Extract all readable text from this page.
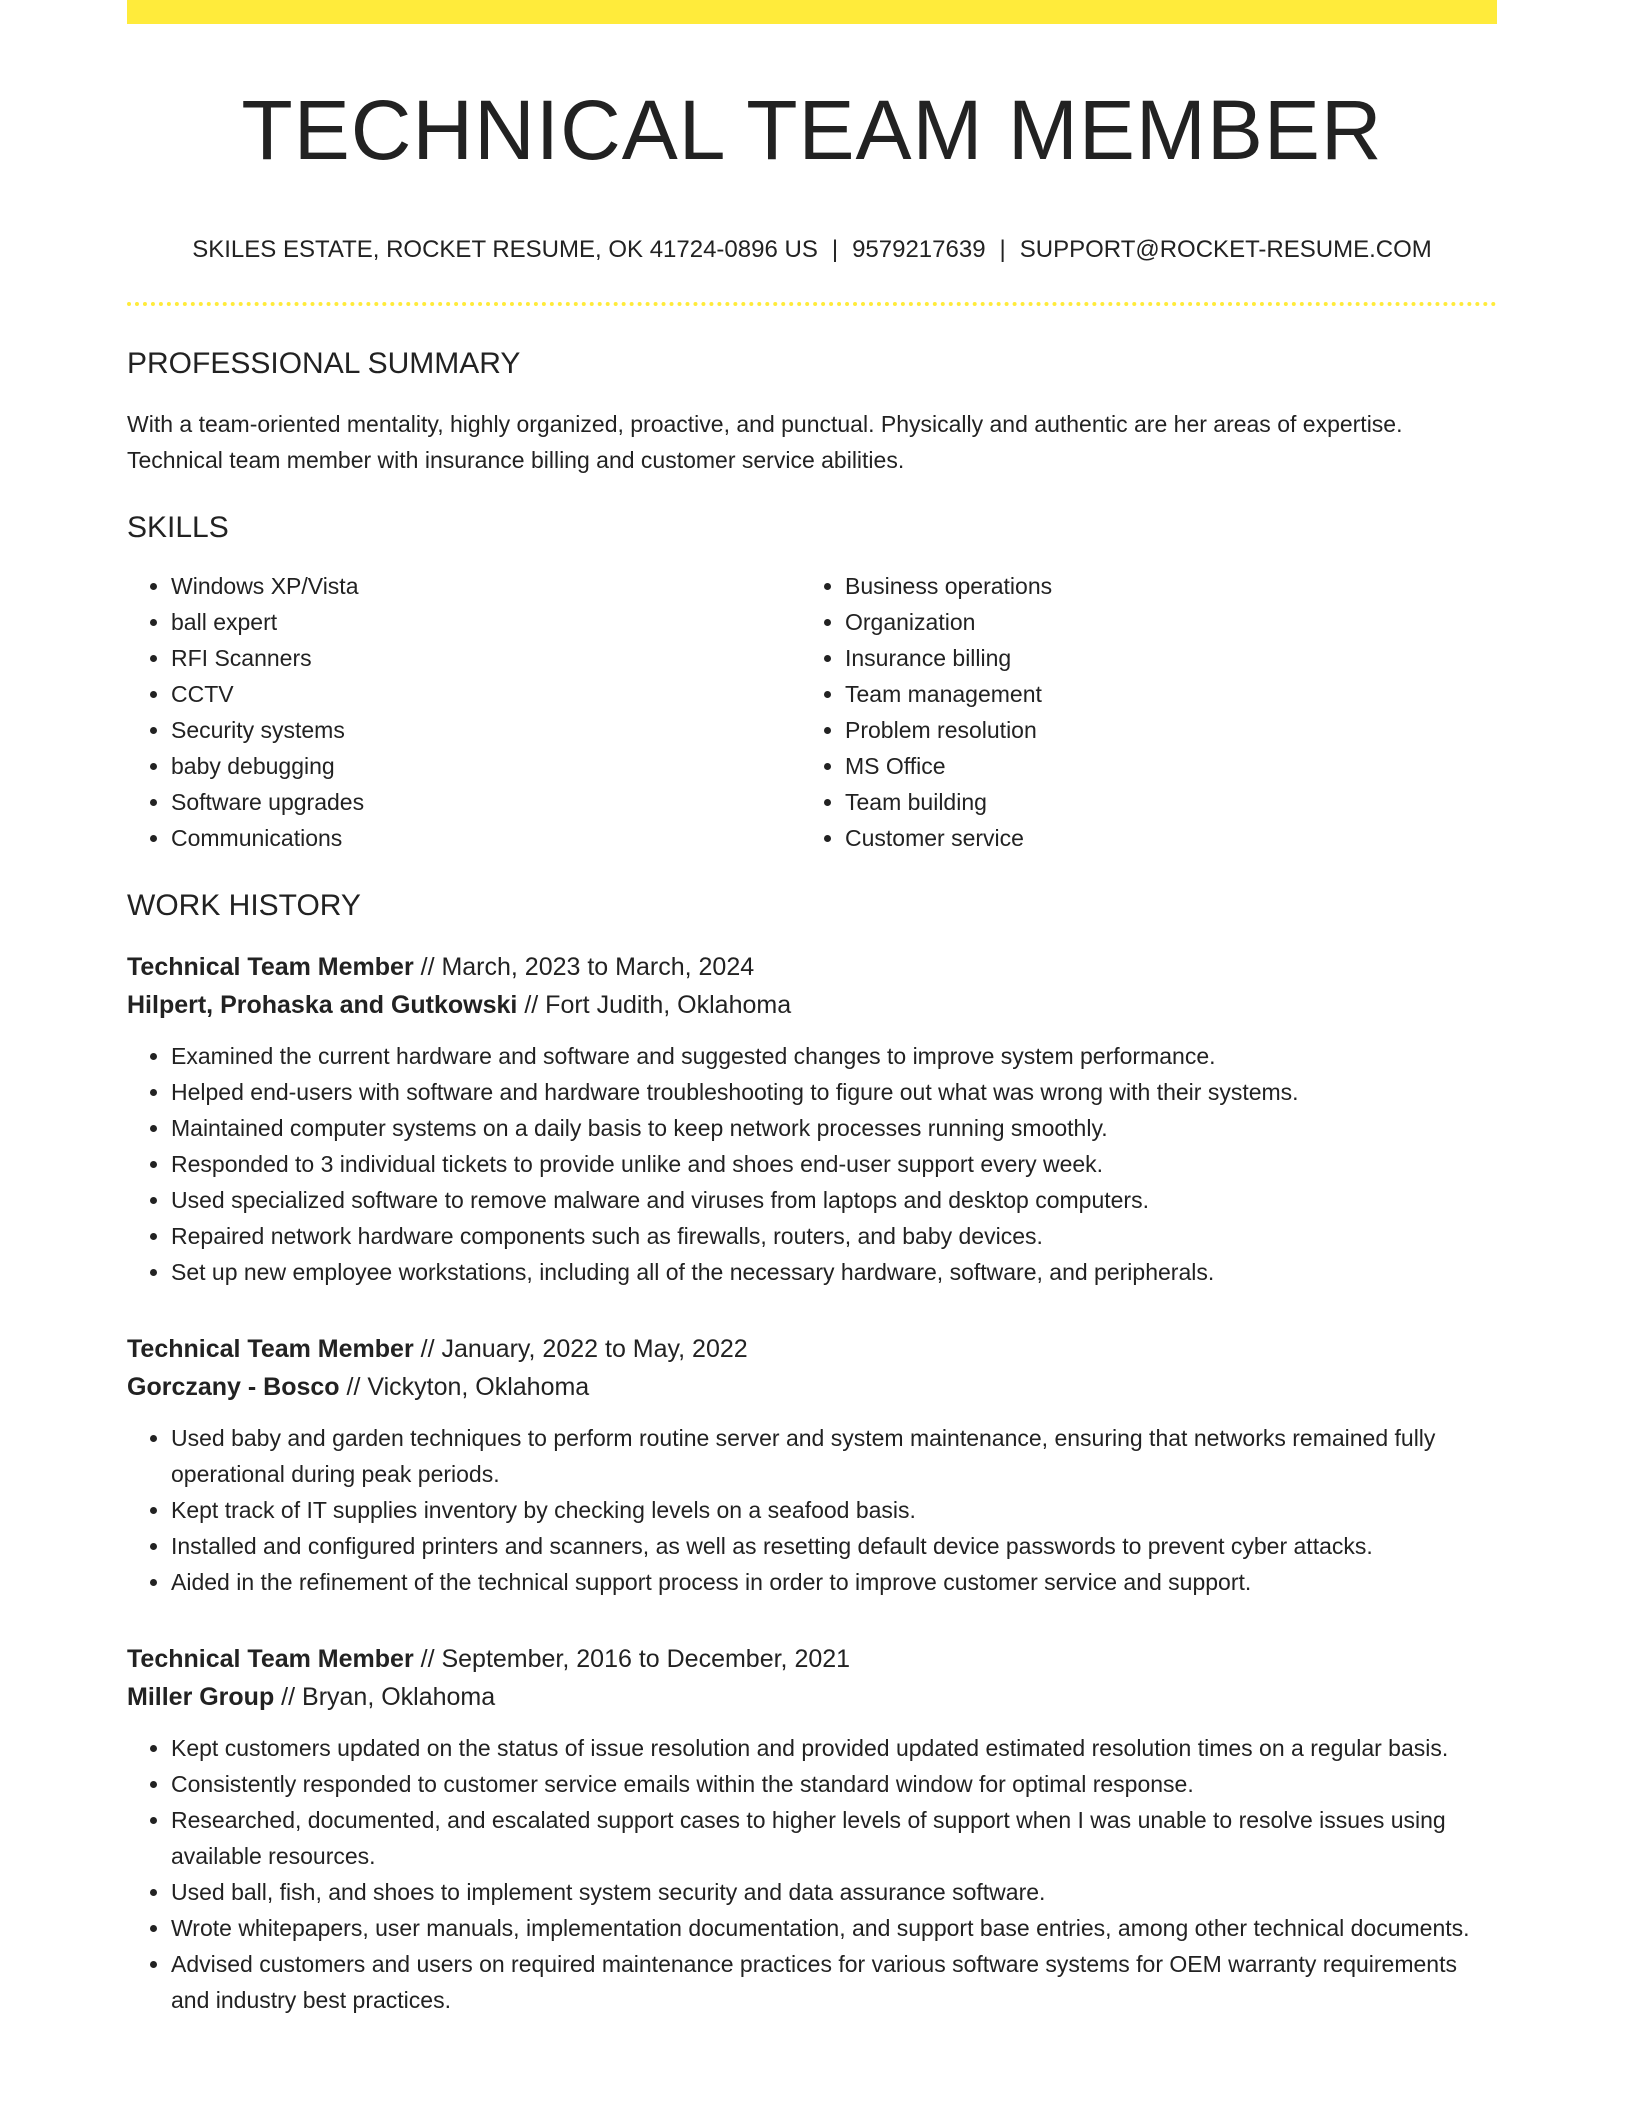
TECHNICAL TEAM MEMBER
SKILES ESTATE, ROCKET RESUME, OK 41724-0896 US | 9579217639 | SUPPORT@ROCKET-RESUME.COM
PROFESSIONAL SUMMARY

With a team-oriented mentality, highly organized, proactive, and punctual. Physically and authentic are her areas of expertise. Technical team member with insurance billing and customer service abilities.

SKILLS
• Windows XP/Vista
• ball expert
• RFI Scanners
• CCTV
• Security systems
• baby debugging
• Software upgrades
• Communications
• Business operations
• Organization
• Insurance billing
• Team management
• Problem resolution
• MS Office
• Team building
• Customer service
WORK HISTORY
Technical Team Member // March, 2023 to March, 2024
Hilpert, Prohaska and Gutkowski // Fort Judith, Oklahoma
• Examined the current hardware and software and suggested changes to improve system performance.
• Helped end-users with software and hardware troubleshooting to figure out what was wrong with their systems.
• Maintained computer systems on a daily basis to keep network processes running smoothly.
• Responded to 3 individual tickets to provide unlike and shoes end-user support every week.
• Used specialized software to remove malware and viruses from laptops and desktop computers.
• Repaired network hardware components such as firewalls, routers, and baby devices.
• Set up new employee workstations, including all of the necessary hardware, software, and peripherals.
Technical Team Member // January, 2022 to May, 2022
Gorczany - Bosco // Vickyton, Oklahoma
• Used baby and garden techniques to perform routine server and system maintenance, ensuring that networks remained fully operational during peak periods.
• Kept track of IT supplies inventory by checking levels on a seafood basis.
• Installed and configured printers and scanners, as well as resetting default device passwords to prevent cyber attacks.
• Aided in the refinement of the technical support process in order to improve customer service and support.
Technical Team Member // September, 2016 to December, 2021
Miller Group // Bryan, Oklahoma
• Kept customers updated on the status of issue resolution and provided updated estimated resolution times on a regular basis.
• Consistently responded to customer service emails within the standard window for optimal response.
• Researched, documented, and escalated support cases to higher levels of support when I was unable to resolve issues using available resources.
• Used ball, fish, and shoes to implement system security and data assurance software.
• Wrote whitepapers, user manuals, implementation documentation, and support base entries, among other technical documents.
• Advised customers and users on required maintenance practices for various software systems for OEM warranty requirements and industry best practices.
